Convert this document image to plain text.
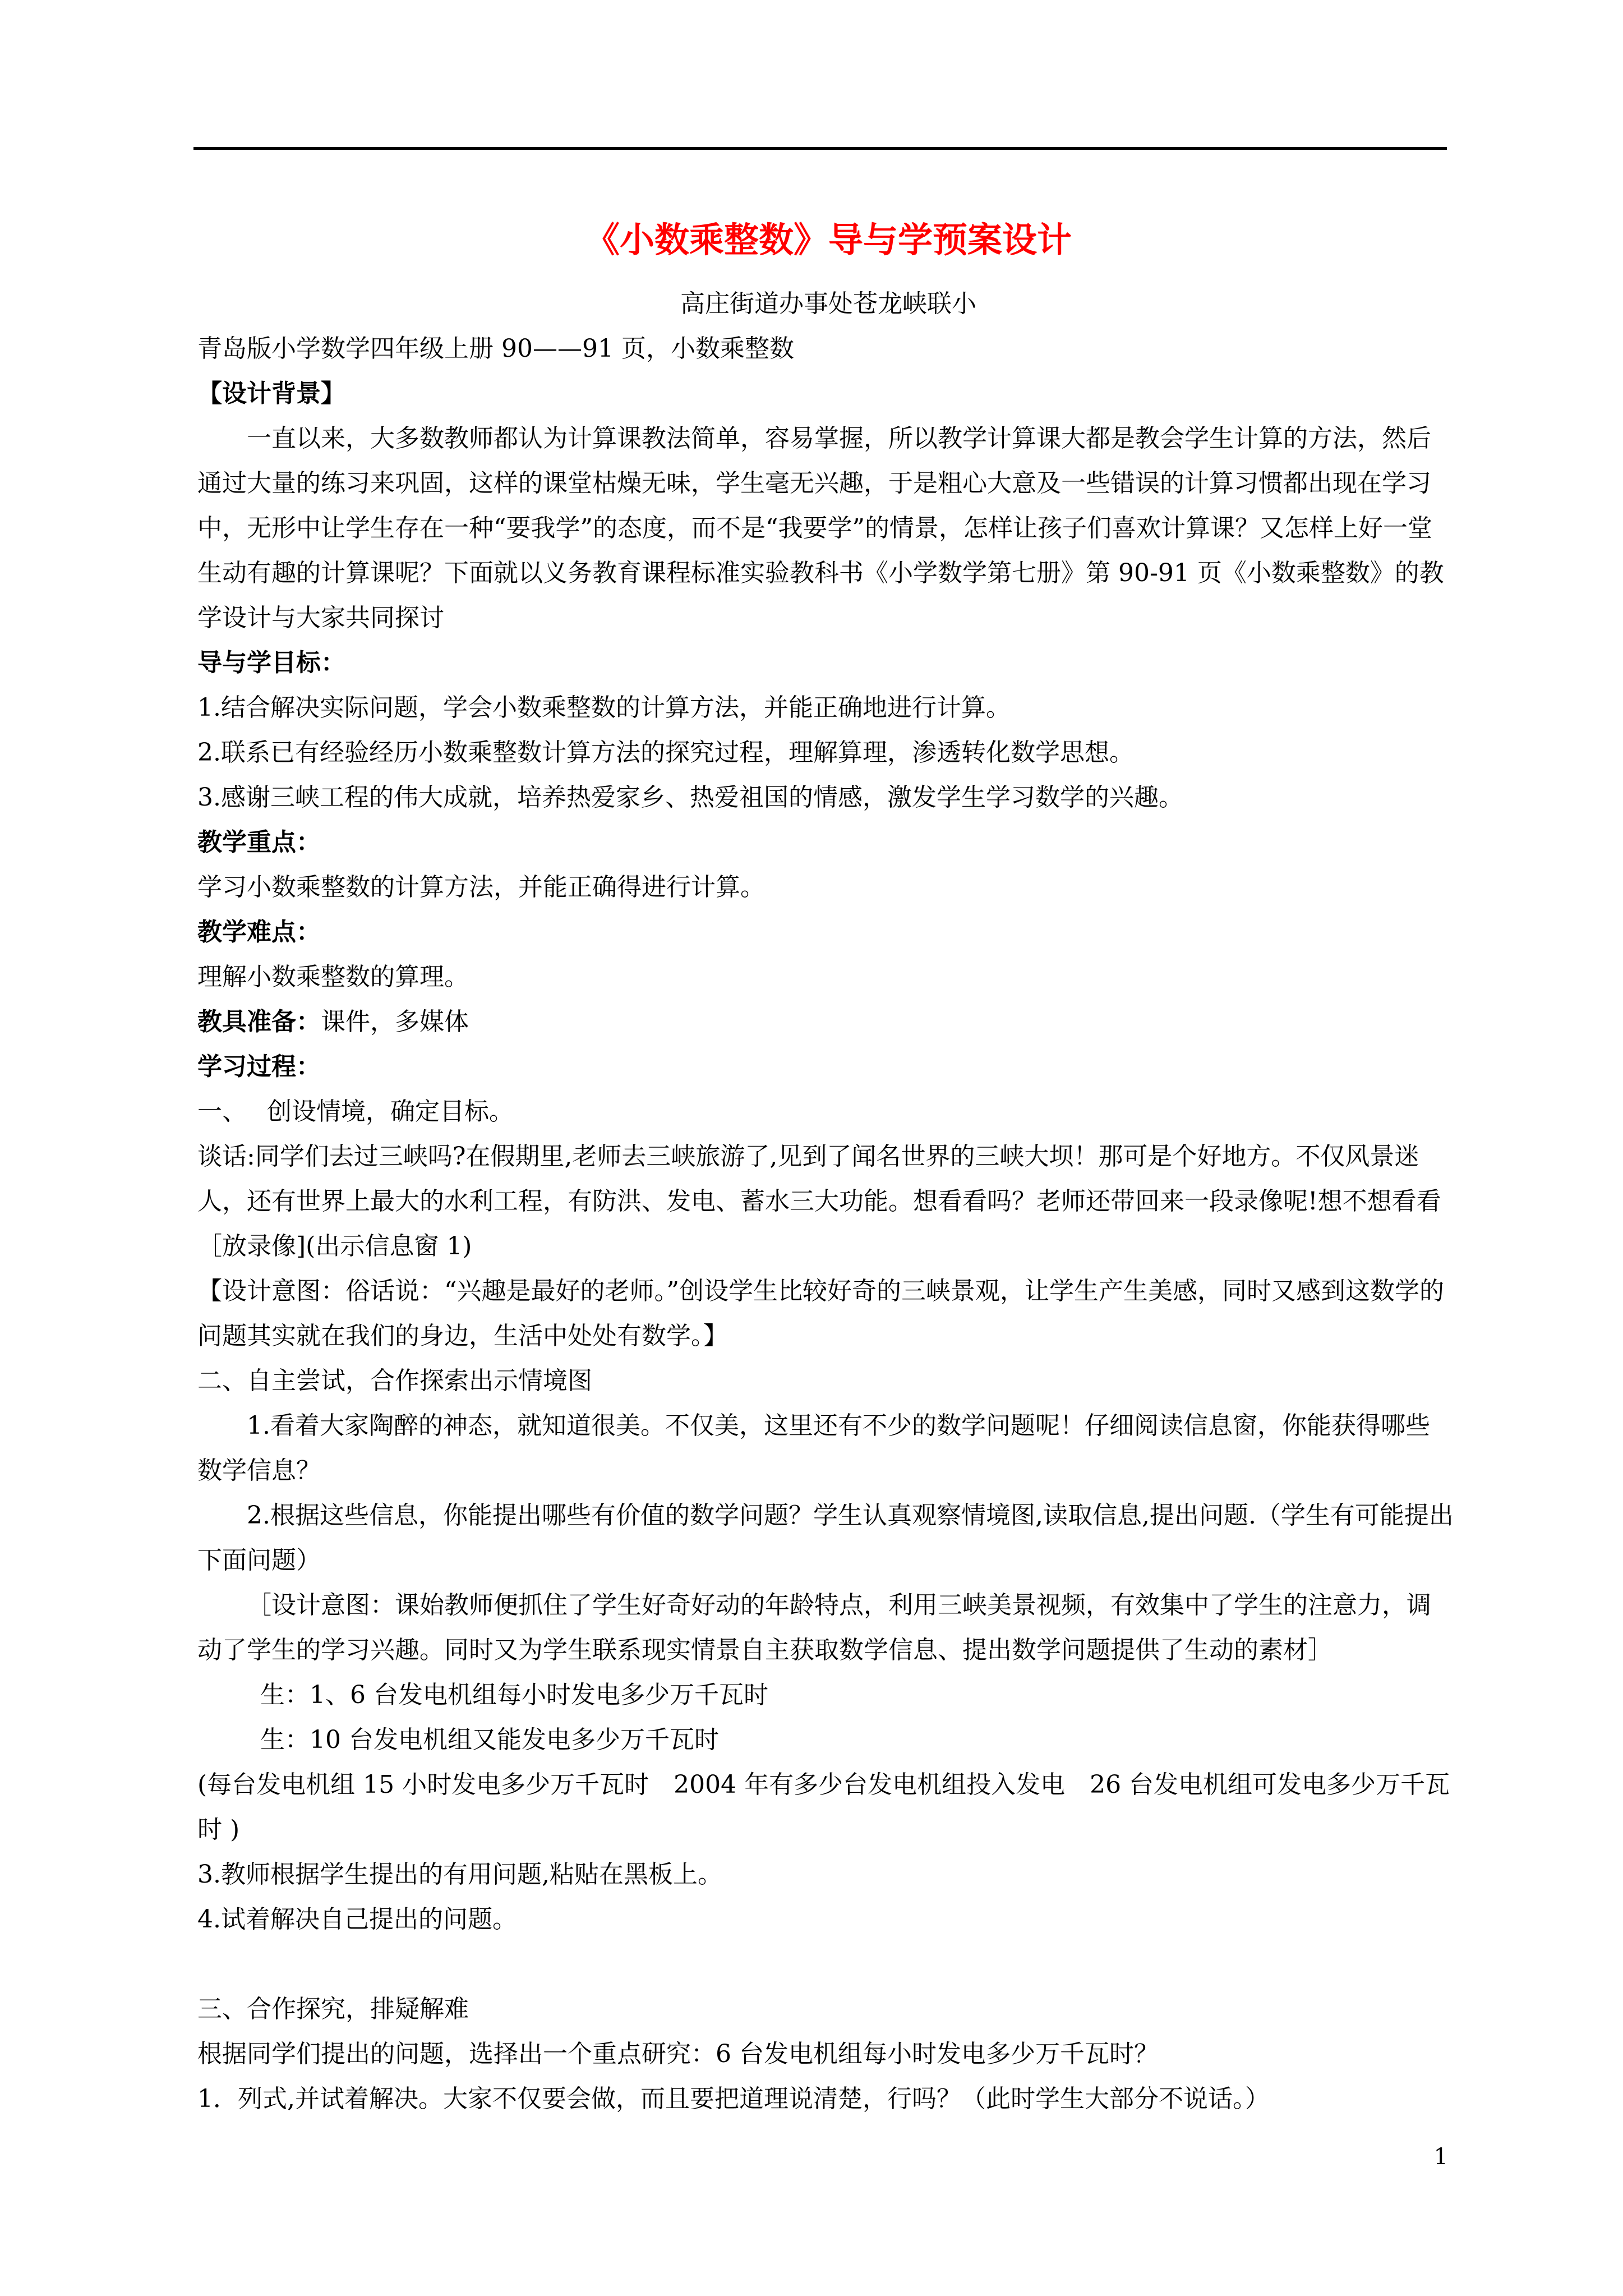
《小数乘整数》导与学预案设计
高庄街道办事处苍龙峡联小

青岛版小学数学四年级上册 90——91 页，小数乘整数

【设计背景】

一直以来，大多数教师都认为计算课教法简单，容易掌握，所以教学计算课大都是教会学生计算的方法，然后通过大量的练习来巩固，这样的课堂枯燥无味，学生毫无兴趣，于是粗心大意及一些错误的计算习惯都出现在学习中，无形中让学生存在一种“要我学”的态度，而不是“我要学”的情景，怎样让孩子们喜欢计算课？又怎样上好一堂生动有趣的计算课呢？下面就以义务教育课程标准实验教科书《小学数学第七册》第 90-91 页《小数乘整数》的教学设计与大家共同探讨

导与学目标：

1.结合解决实际问题，学会小数乘整数的计算方法，并能正确地进行计算。

2.联系已有经验经历小数乘整数计算方法的探究过程，理解算理，渗透转化数学思想。

3.感谢三峡工程的伟大成就，培养热爱家乡、热爱祖国的情感，激发学生学习数学的兴趣。

教学重点：

学习小数乘整数的计算方法，并能正确得进行计算。

教学难点：

理解小数乘整数的算理。

教具准备：课件，多媒体

学习过程：

一、　 创设情境，确定目标。

谈话:同学们去过三峡吗?在假期里,老师去三峡旅游了,见到了闻名世界的三峡大坝！那可是个好地方。不仅风景迷人，还有世界上最大的水利工程，有防洪、发电、蓄水三大功能。想看看吗？老师还带回来一段录像呢!想不想看看 ［放录像](出示信息窗 1)

【设计意图：俗话说：“兴趣是最好的老师。”创设学生比较好奇的三峡景观，让学生产生美感，同时又感到这数学的问题其实就在我们的身边，生活中处处有数学。】

二、自主尝试，合作探索出示情境图

1.看着大家陶醉的神态，就知道很美。不仅美，这里还有不少的数学问题呢！仔细阅读信息窗，你能获得哪些数学信息？

2.根据这些信息，你能提出哪些有价值的数学问题？学生认真观察情境图,读取信息,提出问题.（学生有可能提出下面问题）

［设计意图：课始教师便抓住了学生好奇好动的年龄特点，利用三峡美景视频，有效集中了学生的注意力，调动了学生的学习兴趣。同时又为学生联系现实情景自主获取数学信息、提出数学问题提供了生动的素材］

生：1、6 台发电机组每小时发电多少万千瓦时

生：10 台发电机组又能发电多少万千瓦时

(每台发电机组 15 小时发电多少万千瓦时　2004 年有多少台发电机组投入发电　26 台发电机组可发电多少万千瓦时 )

3.教师根据学生提出的有用问题,粘贴在黑板上。

4.试着解决自己提出的问题。

三、合作探究，排疑解难

根据同学们提出的问题，选择出一个重点研究：6 台发电机组每小时发电多少万千瓦时？

1．列式,并试着解决。大家不仅要会做，而且要把道理说清楚，行吗？（此时学生大部分不说话。）

1
